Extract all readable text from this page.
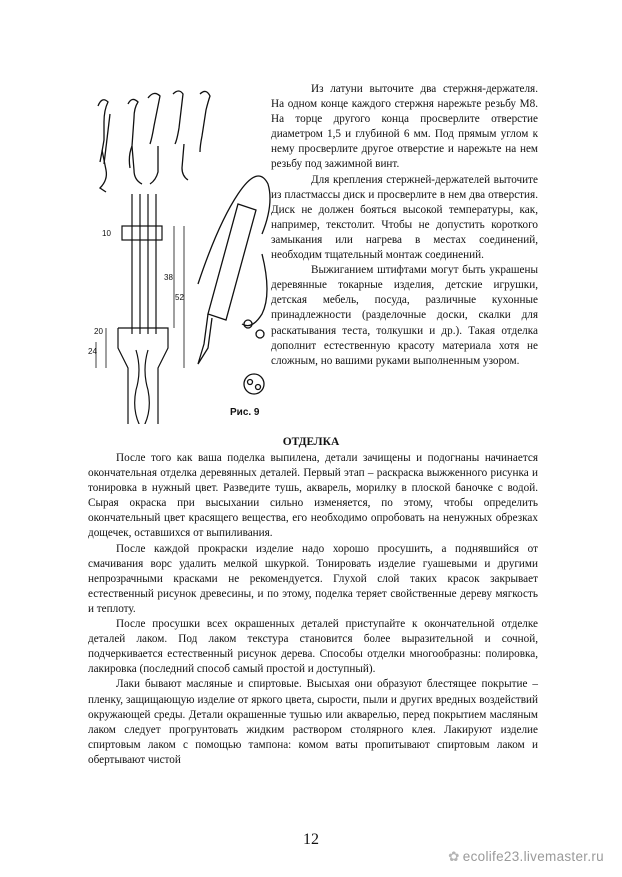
10
38
52
20
24
Рис. 9

Из латуни выточите два стержня-держателя. На одном конце каждого стержня нарежьте резьбу М8. На торце другого конца просверлите отверстие диаметром 1,5 и глубиной 6 мм. Под прямым углом к нему просверлите другое отверстие и нарежьте на нем резьбу под зажимной винт.

Для крепления стержней-держателей выточите из пластмассы диск и просверлите в нем два отверстия. Диск не должен бояться высокой температуры, как, например, текстолит. Чтобы не допустить короткого замыкания или нагрева в местах соединений, необходим тщательный монтаж соединений.

Выжиганием штифтами могут быть украшены деревянные токарные изделия, детские игрушки, детская мебель, посуда, различные кухонные принадлежности (разделочные доски, скалки для раскатывания теста, толкушки и др.). Такая отделка дополнит естественную красоту материала хотя не сложным, но вашими руками выполненным узором.

ОТДЕЛКА

После того как ваша поделка выпилена, детали зачищены и подогнаны начинается окончательная отделка деревянных деталей. Первый этап – раскраска выжженного рисунка и тонировка в нужный цвет. Разведите тушь, акварель, морилку в плоской баночке с водой. Сырая окраска при высыхании сильно изменяется, по этому, чтобы определить окончательный цвет красящего вещества, его необходимо опробовать на ненужных обрезках дощечек, оставшихся от выпиливания.

После каждой прокраски изделие надо хорошо просушить, а поднявшийся от смачивания ворс удалить мелкой шкуркой. Тонировать изделие гуашевыми и другими непрозрачными красками не рекомендуется. Глухой слой таких красок закрывает естественный рисунок древесины, и по этому, поделка теряет свойственные дереву мягкость и теплоту.

После просушки всех окрашенных деталей приступайте к окончательной отделке деталей лаком. Под лаком текстура становится более выразительной и сочной, подчеркивается естественный рисунок дерева. Способы отделки многообразны: полировка, лакировка (последний способ самый простой и доступный).

Лаки бывают масляные и спиртовые. Высыхая они образуют блестящее покрытие – пленку, защищающую изделие от яркого цвета, сырости, пыли и других вредных воздействий окружающей среды. Детали окрашенные тушью или акварелью, перед покрытием масляным лаком следует прогрунтовать жидким раствором столярного клея. Лакируют изделие спиртовым лаком с помощью тампона: комом ваты пропитывают спиртовым лаком и обертывают чистой

12
✿ ecolife23.livemaster.ru
